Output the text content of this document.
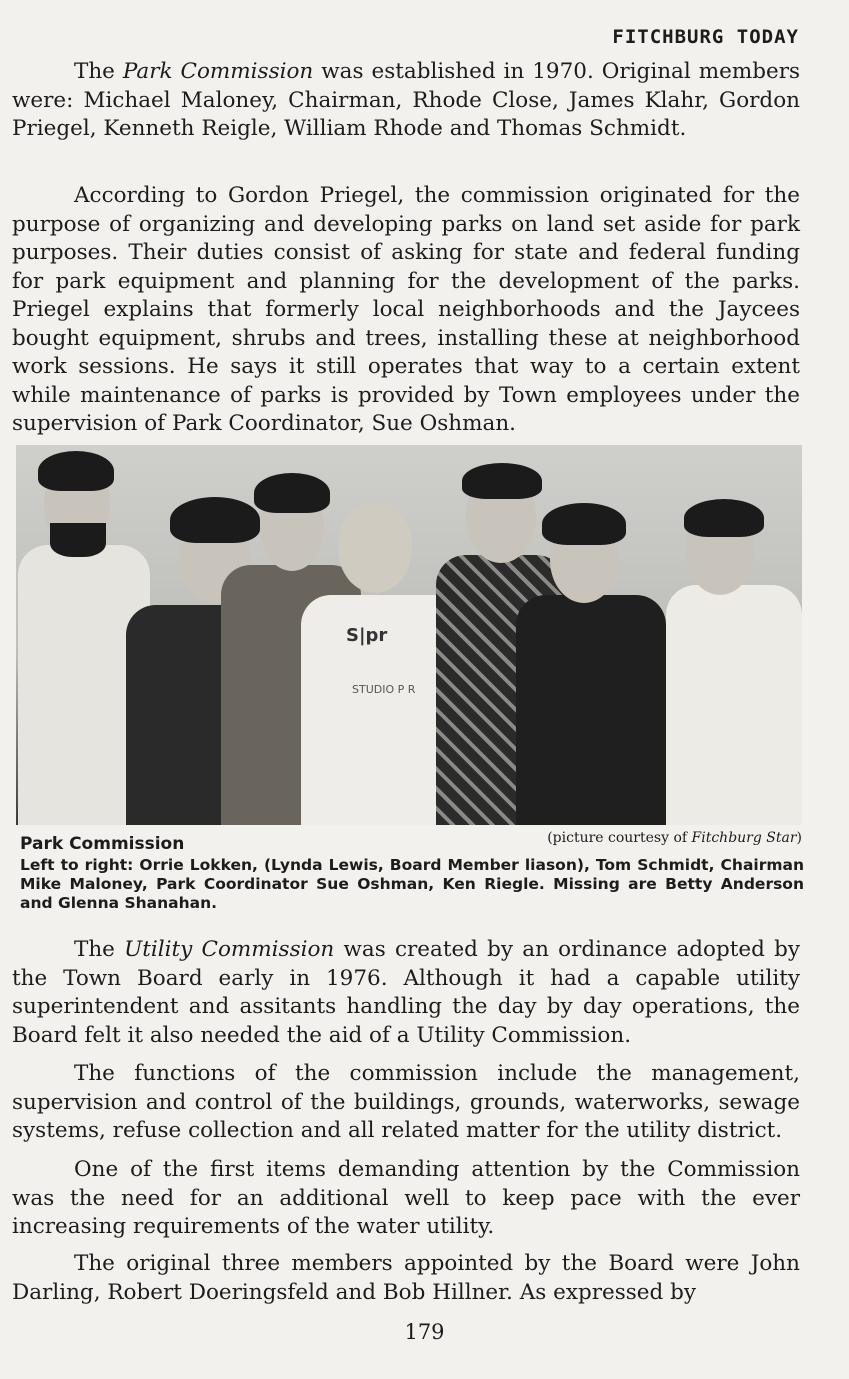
FITCHBURG TODAY

The Park Commission was established in 1970. Original members were: Michael Maloney, Chairman, Rhode Close, James Klahr, Gordon Priegel, Kenneth Reigle, William Rhode and Thomas Schmidt.

According to Gordon Priegel, the commission originated for the purpose of organizing and developing parks on land set aside for park purposes. Their duties consist of asking for state and federal funding for park equipment and planning for the development of the parks. Priegel explains that formerly local neighborhoods and the Jaycees bought equipment, shrubs and trees, installing these at neighborhood work sessions. He says it still operates that way to a certain extent while maintenance of parks is provided by Town employees under the supervision of Park Coordinator, Sue Oshman.

S|pr
STUDIO P R
Park Commission	(picture courtesy of Fitchburg Star)

Left to right: Orrie Lokken, (Lynda Lewis, Board Member liason), Tom Schmidt, Chairman Mike Maloney, Park Coordinator Sue Oshman, Ken Riegle. Missing are Betty Anderson and Glenna Shanahan.

The Utility Commission was created by an ordinance adopted by the Town Board early in 1976. Although it had a capable utility superintendent and assitants handling the day by day operations, the Board felt it also needed the aid of a Utility Commission.

The functions of the commission include the management, supervision and control of the buildings, grounds, waterworks, sewage systems, refuse collection and all related matter for the utility district.

One of the first items demanding attention by the Commission was the need for an additional well to keep pace with the ever increasing requirements of the water utility.

The original three members appointed by the Board were John Darling, Robert Doeringsfeld and Bob Hillner. As expressed by

179
